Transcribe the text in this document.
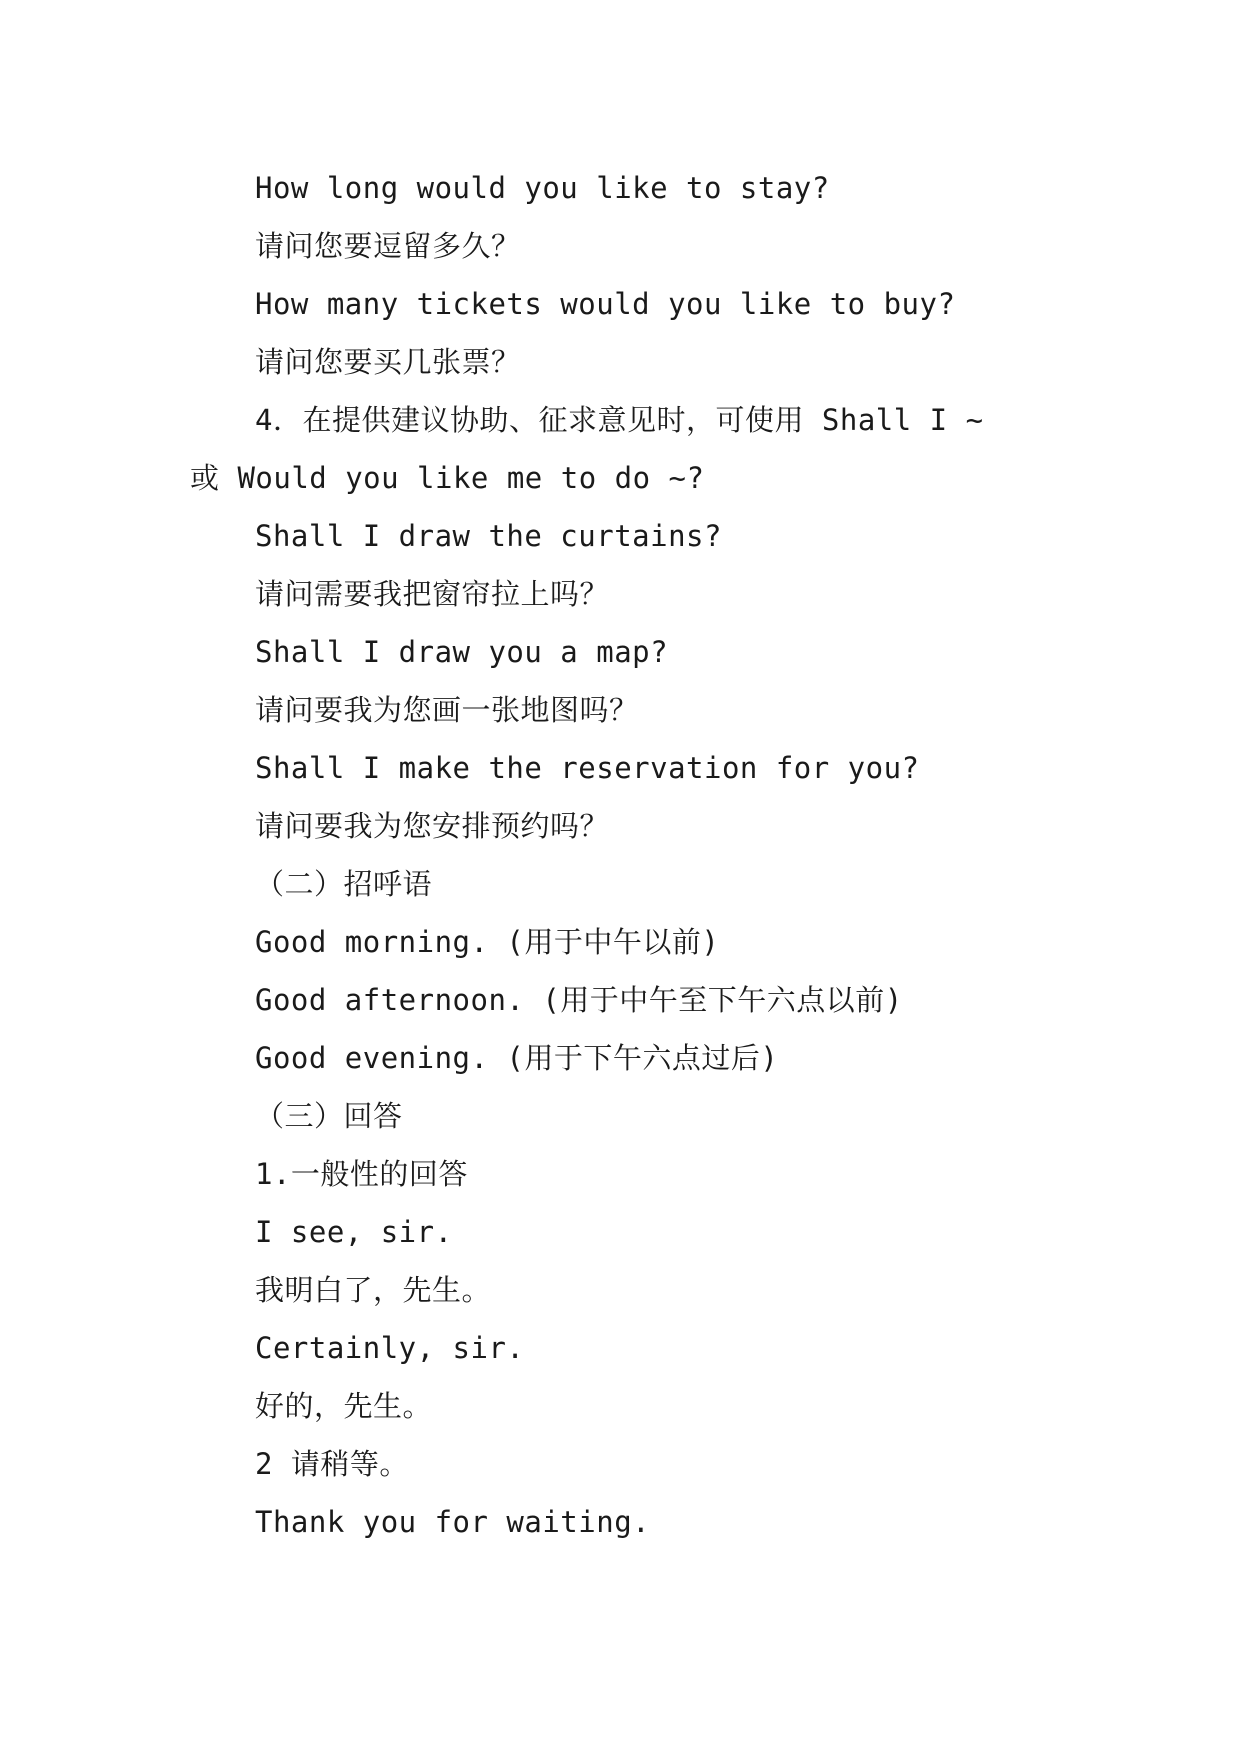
How long would you like to stay?
请问您要逗留多久？
How many tickets would you like to buy?
请问您要买几张票？
4．在提供建议协助、征求意见时，可使用 Shall I ~
或 Would you like me to do ~?
Shall I draw the curtains?
请问需要我把窗帘拉上吗？
Shall I draw you a map?
请问要我为您画一张地图吗？
Shall I make the reservation for you?
请问要我为您安排预约吗？
（二）招呼语
Good morning. (用于中午以前)
Good afternoon. (用于中午至下午六点以前)
Good evening. (用于下午六点过后)
（三）回答
1.一般性的回答
I see, sir.
我明白了，先生。
Certainly, sir.
好的，先生。
2 请稍等。
Thank you for waiting.
